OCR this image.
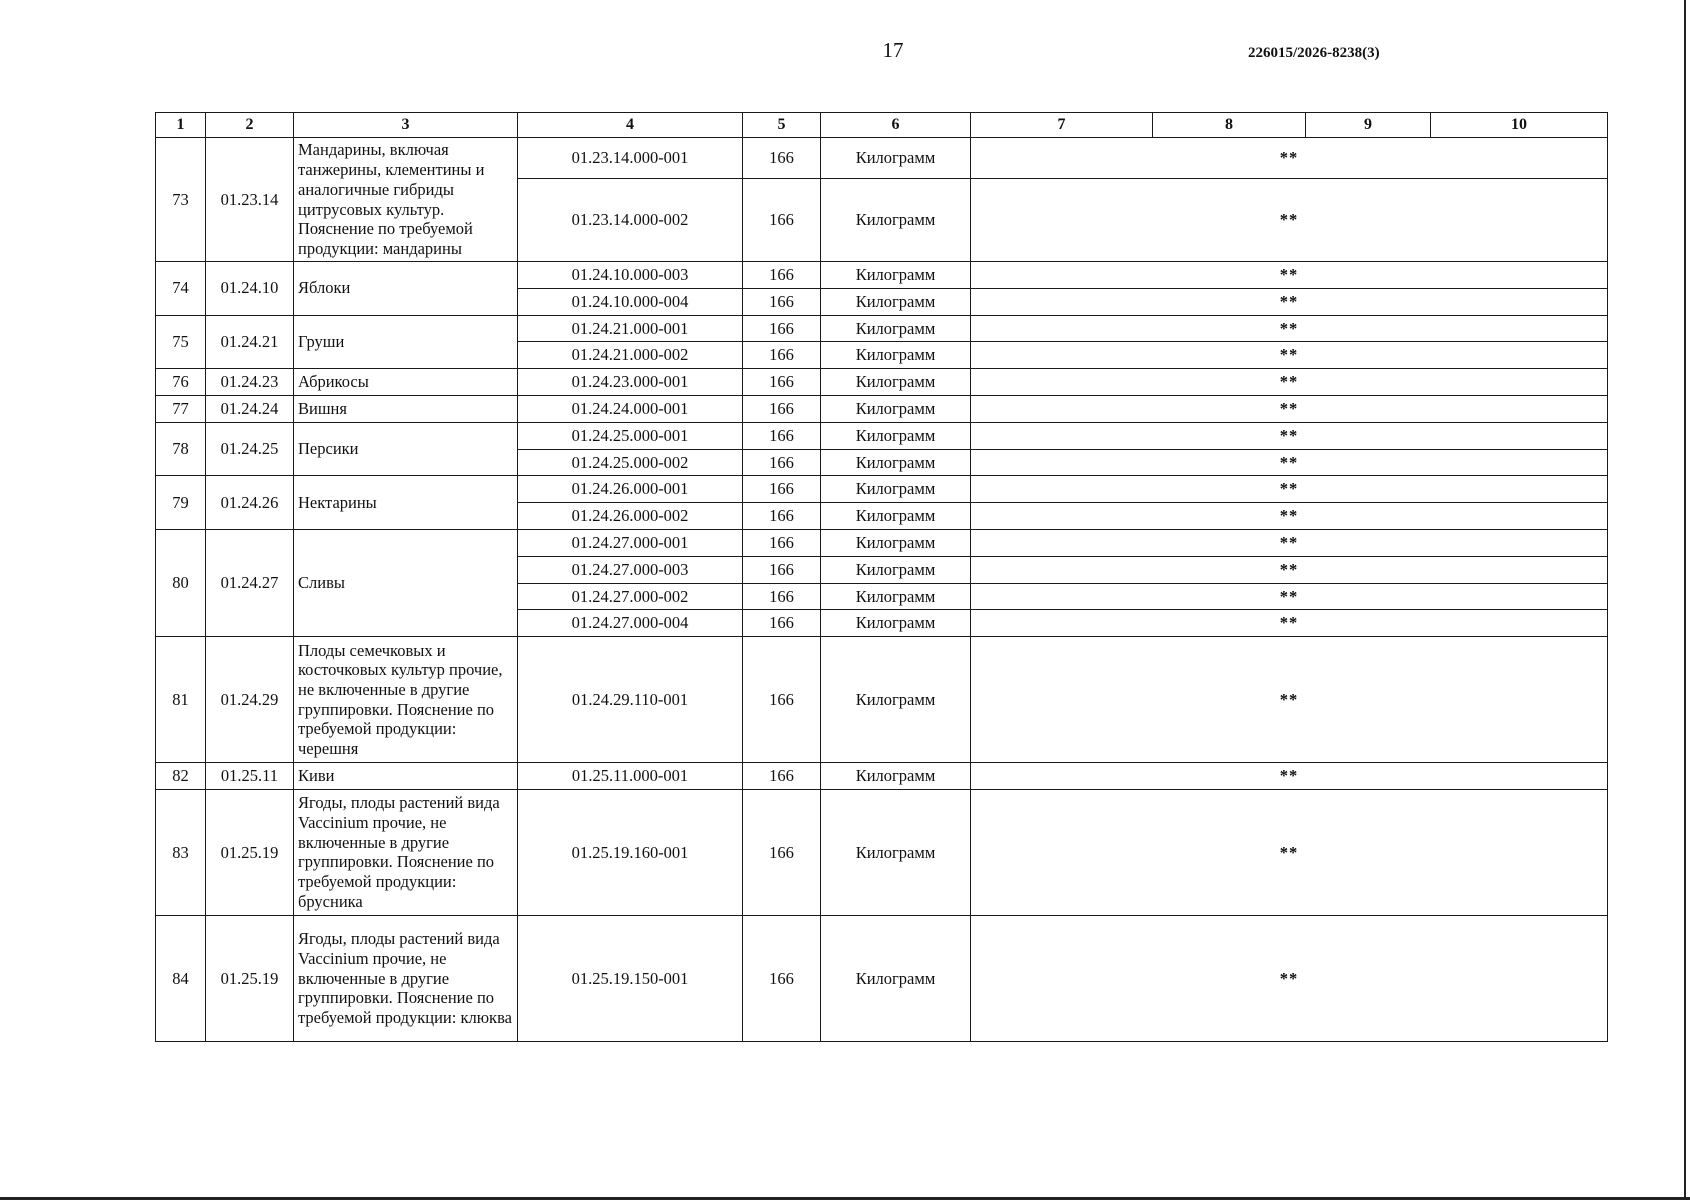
17	226015/2026-8238(3)
1	2	3	4	5	6	7	8	9	10
73	01.23.14	Мандарины, включая танжерины, клементины и аналогичные гибриды цитрусовых культур. Пояснение по требуемой продукции: мандарины	01.23.14.000-001	166	Килограмм	**			
			01.23.14.000-002	166	Килограмм	**			
74	01.24.10	Яблоки	01.24.10.000-003	166	Килограмм	**			
			01.24.10.000-004	166	Килограмм	**			
75	01.24.21	Груши	01.24.21.000-001	166	Килограмм	**			
			01.24.21.000-002	166	Килограмм	**			
76	01.24.23	Абрикосы	01.24.23.000-001	166	Килограмм	**			
77	01.24.24	Вишня	01.24.24.000-001	166	Килограмм	**			
78	01.24.25	Персики	01.24.25.000-001	166	Килограмм	**			
			01.24.25.000-002	166	Килограмм	**			
79	01.24.26	Нектарины	01.24.26.000-001	166	Килограмм	**			
			01.24.26.000-002	166	Килограмм	**			
80	01.24.27	Сливы	01.24.27.000-001	166	Килограмм	**			
			01.24.27.000-003	166	Килограмм	**			
			01.24.27.000-002	166	Килограмм	**			
			01.24.27.000-004	166	Килограмм	**			
81	01.24.29	Плоды семечковых и косточковых культур прочие, не включенные в другие группировки. Пояснение по требуемой продукции: черешня	01.24.29.110-001	166	Килограмм	**			
82	01.25.11	Киви	01.25.11.000-001	166	Килограмм	**			
83	01.25.19	Ягоды, плоды растений вида Vaccinium прочие, не включенные в другие группировки. Пояснение по требуемой продукции: брусника	01.25.19.160-001	166	Килограмм	**			
84	01.25.19	Ягоды, плоды растений вида Vaccinium прочие, не включенные в другие группировки. Пояснение по требуемой продукции: клюква	01.25.19.150-001	166	Килограмм	**			
